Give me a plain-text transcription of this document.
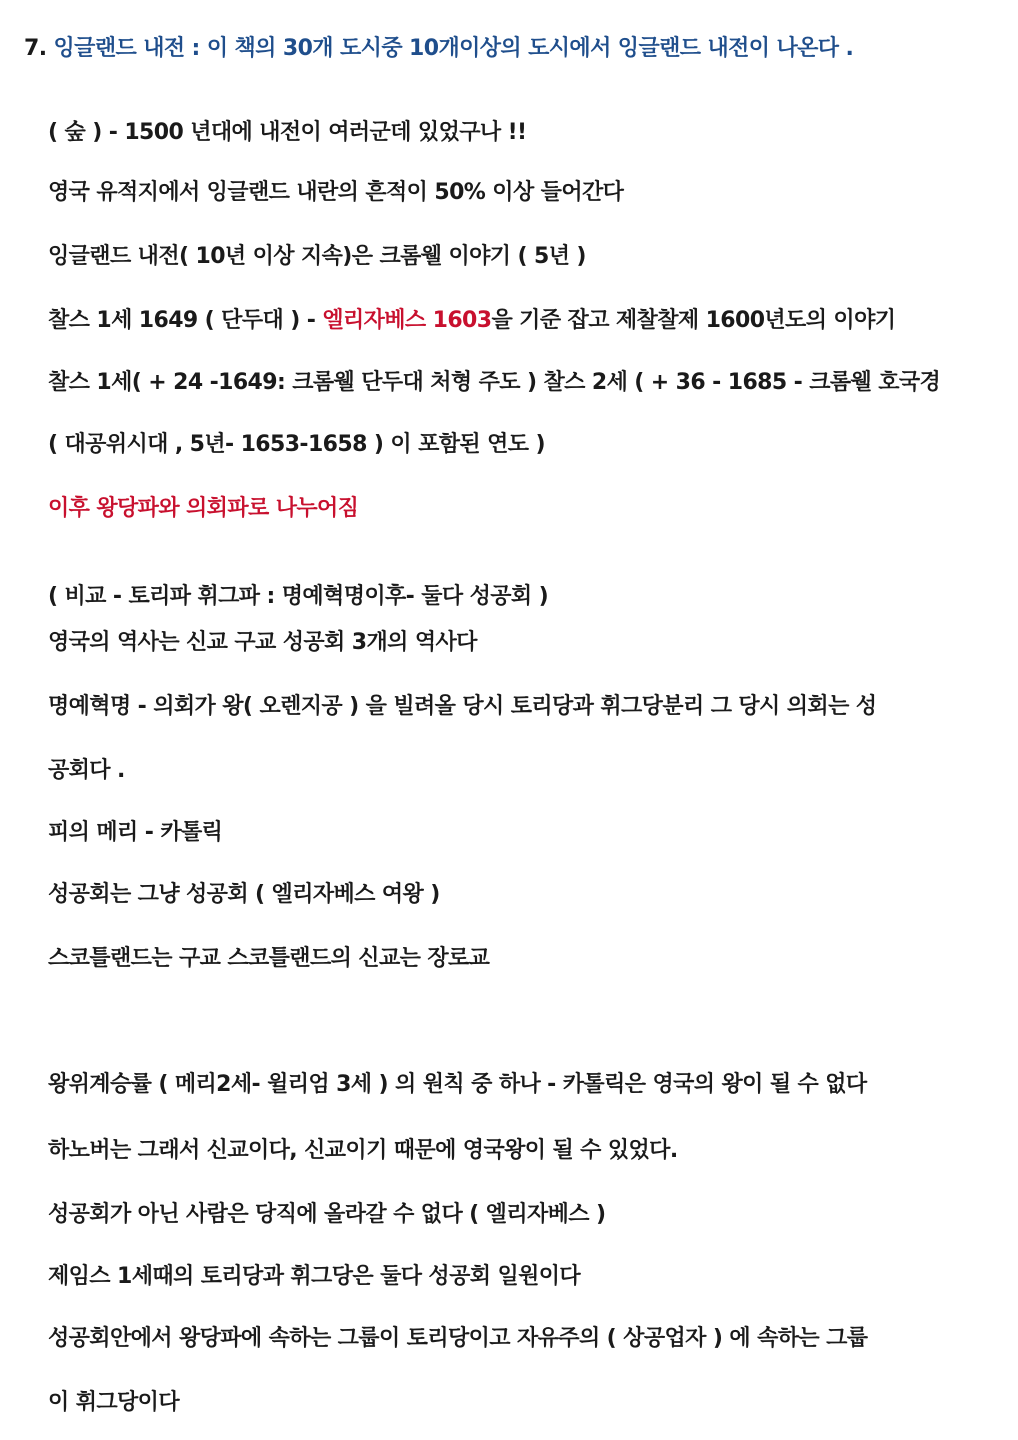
7. 잉글랜드 내전 : 이 책의 30개 도시중 10개이상의 도시에서 잉글랜드 내전이 나온다 .
( 숲 ) - 1500 년대에 내전이 여러군데 있었구나 !!
영국 유적지에서 잉글랜드 내란의 흔적이 50% 이상 들어간다
잉글랜드 내전( 10년 이상 지속)은 크롬웰 이야기 ( 5년 )
찰스 1세 1649 ( 단두대 ) - 엘리자베스 1603을 기준 잡고 제찰찰제 1600년도의 이야기
찰스 1세( + 24 -1649: 크롬웰 단두대 처형 주도 ) 찰스 2세 ( + 36 - 1685 - 크롬웰 호국경
( 대공위시대 , 5년- 1653-1658 ) 이 포함된 연도 )
이후 왕당파와 의회파로 나누어짐
( 비교 - 토리파 휘그파 : 명예혁명이후- 둘다 성공회 )
영국의 역사는 신교 구교 성공회 3개의 역사다
명예혁명 - 의회가 왕( 오렌지공 ) 을 빌려올 당시 토리당과 휘그당분리 그 당시 의회는 성
공회다 .
피의 메리 - 카톨릭
성공회는 그냥 성공회 ( 엘리자베스 여왕 )
스코틀랜드는 구교 스코틀랜드의 신교는 장로교
왕위계승률 ( 메리2세- 윌리엄 3세 ) 의 원칙 중 하나 - 카톨릭은 영국의 왕이 될 수 없다
하노버는 그래서 신교이다, 신교이기 때문에 영국왕이 될 수 있었다.
성공회가 아닌 사람은 당직에 올라갈 수 없다 ( 엘리자베스 )
제임스 1세때의 토리당과 휘그당은 둘다 성공회 일원이다
성공회안에서 왕당파에 속하는 그룹이 토리당이고 자유주의 ( 상공업자 ) 에 속하는 그룹
이 휘그당이다
